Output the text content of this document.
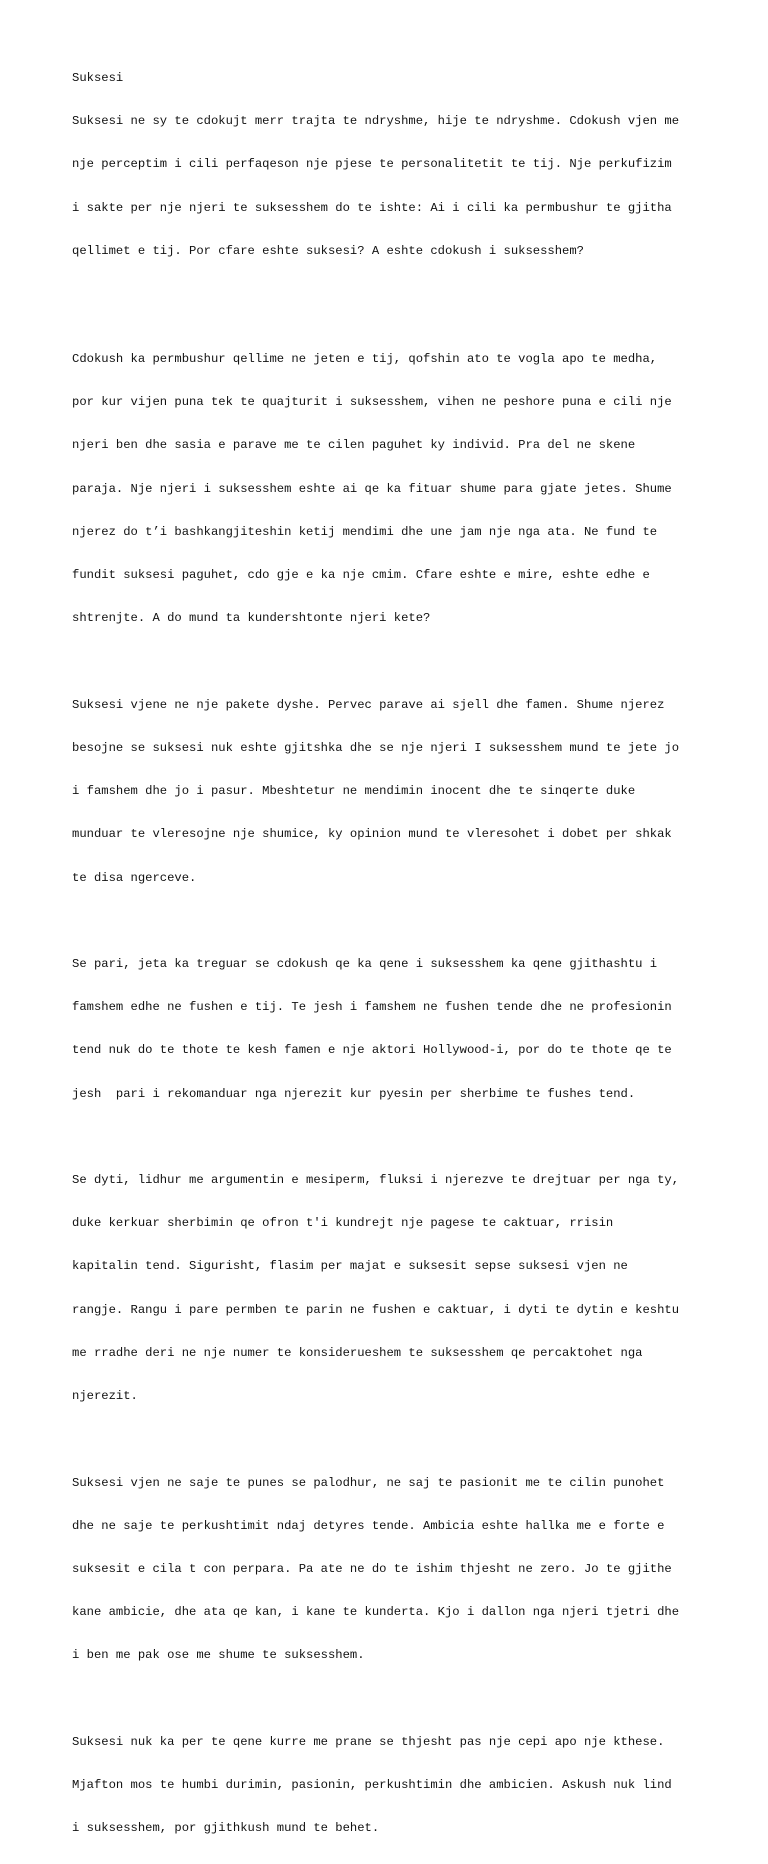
Suksesi

Suksesi ne sy te cdokujt merr trajta te ndryshme, hije te ndryshme. Cdokush vjen me

nje perceptim i cili perfaqeson nje pjese te personalitetit te tij. Nje perkufizim

i sakte per nje njeri te suksesshem do te ishte: Ai i cili ka permbushur te gjitha

qellimet e tij. Por cfare eshte suksesi? A eshte cdokush i suksesshem?

Cdokush ka permbushur qellime ne jeten e tij, qofshin ato te vogla apo te medha,

por kur vijen puna tek te quajturit i suksesshem, vihen ne peshore puna e cili nje

njeri ben dhe sasia e parave me te cilen paguhet ky individ. Pra del ne skene

paraja. Nje njeri i suksesshem eshte ai qe ka fituar shume para gjate jetes. Shume

njerez do t’i bashkangjiteshin ketij mendimi dhe une jam nje nga ata. Ne fund te

fundit suksesi paguhet, cdo gje e ka nje cmim. Cfare eshte e mire, eshte edhe e

shtrenjte. A do mund ta kundershtonte njeri kete?

Suksesi vjene ne nje pakete dyshe. Pervec parave ai sjell dhe famen. Shume njerez

besojne se suksesi nuk eshte gjitshka dhe se nje njeri I suksesshem mund te jete jo

i famshem dhe jo i pasur. Mbeshtetur ne mendimin inocent dhe te sinqerte duke

munduar te vleresojne nje shumice, ky opinion mund te vleresohet i dobet per shkak

te disa ngerceve.

Se pari, jeta ka treguar se cdokush qe ka qene i suksesshem ka qene gjithashtu i

famshem edhe ne fushen e tij. Te jesh i famshem ne fushen tende dhe ne profesionin

tend nuk do te thote te kesh famen e nje aktori Hollywood-i, por do te thote qe te

jesh  pari i rekomanduar nga njerezit kur pyesin per sherbime te fushes tend.

Se dyti, lidhur me argumentin e mesiperm, fluksi i njerezve te drejtuar per nga ty,

duke kerkuar sherbimin qe ofron t'i kundrejt nje pagese te caktuar, rrisin

kapitalin tend. Sigurisht, flasim per majat e suksesit sepse suksesi vjen ne

rangje. Rangu i pare permben te parin ne fushen e caktuar, i dyti te dytin e keshtu

me rradhe deri ne nje numer te konsiderueshem te suksesshem qe percaktohet nga

njerezit.

Suksesi vjen ne saje te punes se palodhur, ne saj te pasionit me te cilin punohet

dhe ne saje te perkushtimit ndaj detyres tende. Ambicia eshte hallka me e forte e

suksesit e cila t con perpara. Pa ate ne do te ishim thjesht ne zero. Jo te gjithe

kane ambicie, dhe ata qe kan, i kane te kunderta. Kjo i dallon nga njeri tjetri dhe

i ben me pak ose me shume te suksesshem.

Suksesi nuk ka per te qene kurre me prane se thjesht pas nje cepi apo nje kthese.

Mjafton mos te humbi durimin, pasionin, perkushtimin dhe ambicien. Askush nuk lind

i suksesshem, por gjithkush mund te behet.
